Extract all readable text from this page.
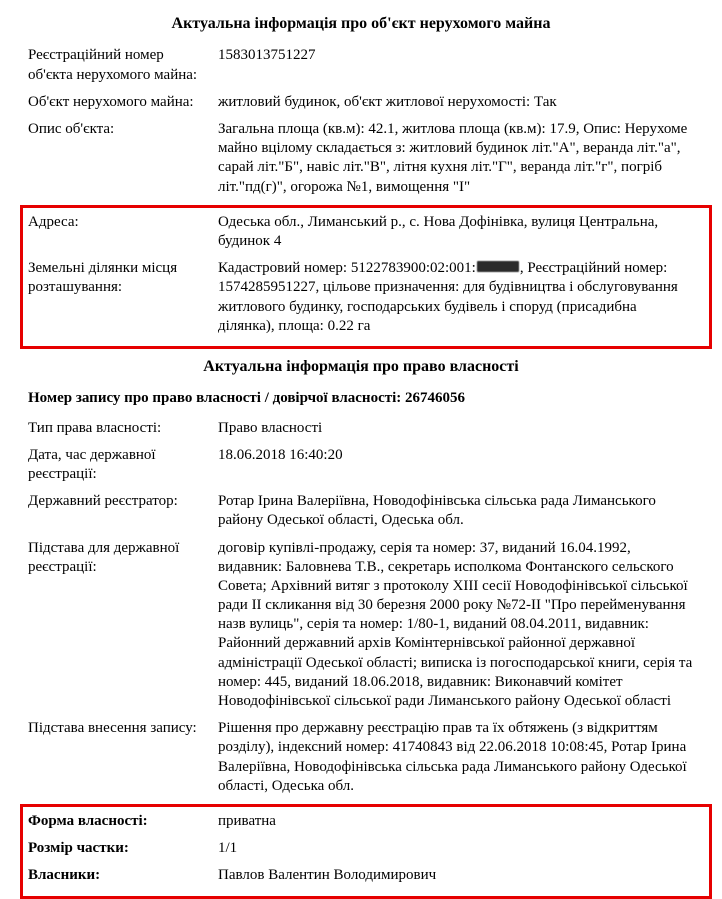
Актуальна інформація про об'єкт нерухомого майна
Реєстраційний номер об'єкта нерухомого майна:
1583013751227
Об'єкт нерухомого майна:	житловий будинок, об'єкт житлової нерухомості: Так
Опис об'єкта:	Загальна площа (кв.м): 42.1, житлова площа (кв.м): 17.9, Опис: Нерухоме майно вцілому складається з: житловий будинок літ."А", веранда літ."а", сарай літ."Б", навіс літ."В", літня кухня літ."Г", веранда літ."г", погріб літ."пд(г)", огорожа №1, вимощення "І"
Адреса:	Одеська обл., Лиманський р., с. Нова Дофінівка, вулиця Центральна, будинок 4
Земельні ділянки місця розташування:
Кадастровий номер: 5122783900:02:001:	, Реєстраційний номер: 1574285951227, цільове призначення: для будівництва і обслуговування житлового будинку, господарських будівель і споруд (присадибна ділянка), площа: 0.22 га
Актуальна інформація про право власності
Номер запису про право власності / довірчої власності: 26746056
Тип права власності:	Право власності
Дата, час державної реєстрації:
18.06.2018 16:40:20
Державний реєстратор:	Ротар Ірина Валеріївна, Новодофінівська сільська рада Лиманського району Одеської області, Одеська обл.
Підстава для державної реєстрації:
договір купівлі-продажу, серія та номер: 37, виданий 16.04.1992, видавник: Баловнева Т.В., секретарь исполкома Фонтанского сельского Совета; Архівний витяг з протоколу XIII сесії Новодофінівської сільської ради II скликання від 30 березня 2000 року №72-II "Про перейменування назв вулиць", серія та номер: 1/80-1, виданий 08.04.2011, видавник: Районний державний архів Комінтернівської районної державної адміністрації Одеської області; виписка із погосподарської книги, серія та номер: 445, виданий 18.06.2018, видавник: Виконавчий комітет Новодофінівської сільської ради Лиманського району Одеської області
Підстава внесення запису:	Рішення про державну реєстрацію прав та їх обтяжень (з відкриттям розділу), індексний номер: 41740843 від 22.06.2018 10:08:45, Ротар Ірина Валеріївна, Новодофінівська сільська рада Лиманського району Одеської області, Одеська обл.
Форма власності:	приватна
Розмір частки:	1/1
Власники:	Павлов Валентин Володимирович
